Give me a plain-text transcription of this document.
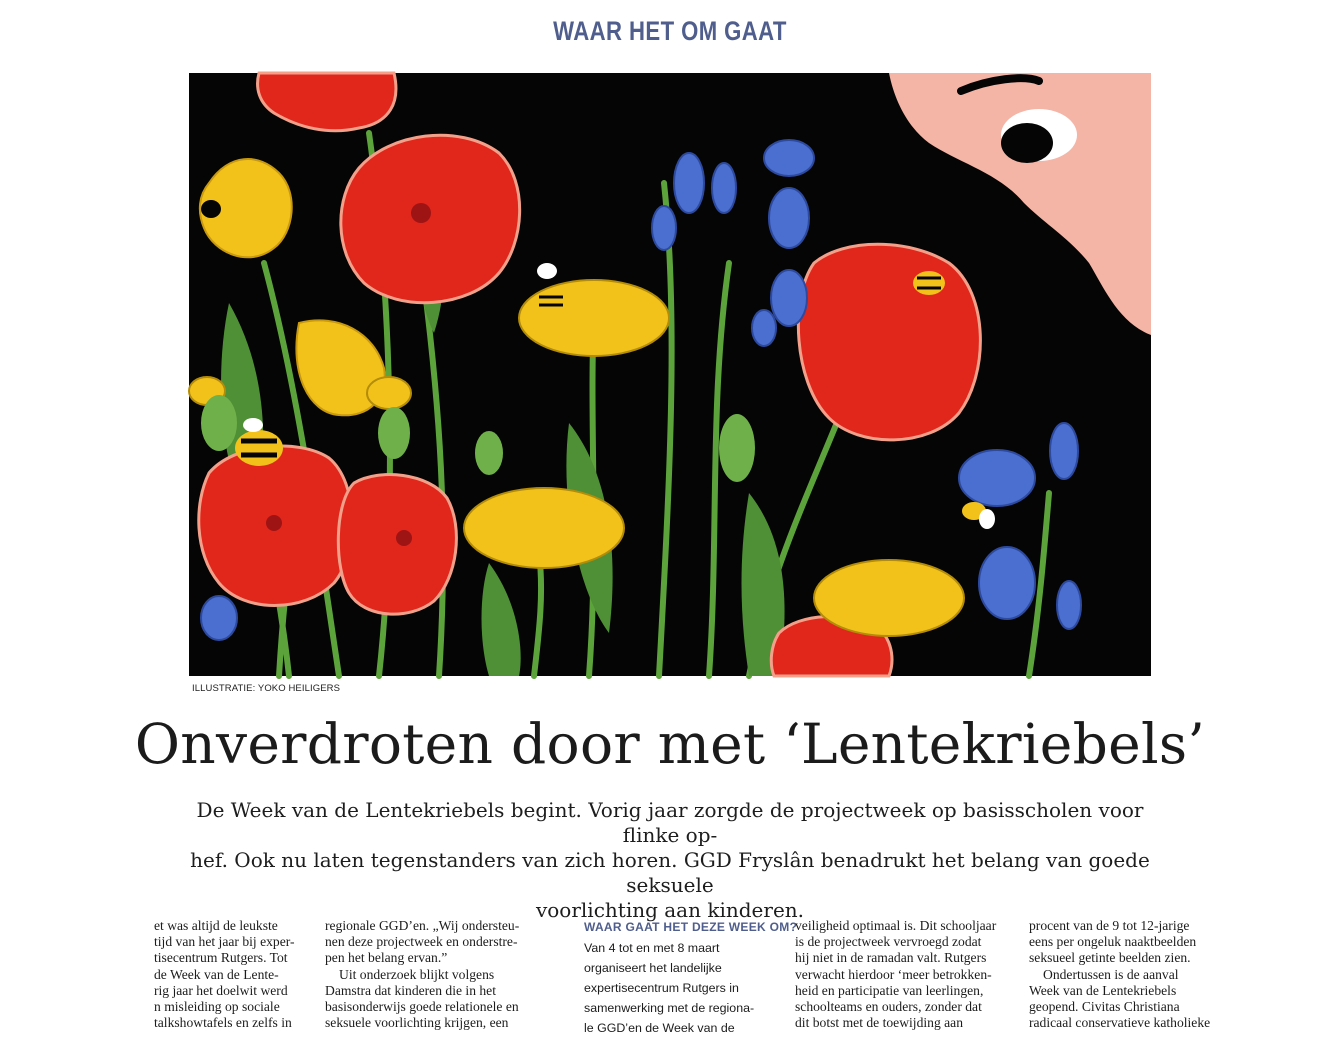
WAAR HET OM GAAT
ILLUSTRATIE: YOKO HEILIGERS
Onverdroten door met ‘Lentekriebels’

De Week van de Lentekriebels begint. Vorig jaar zorgde de projectweek op basisscholen voor flinke op-
hef. Ook nu laten tegenstanders van zich horen. GGD Fryslân benadrukt het belang van goede seksuele
voorlichting aan kinderen.

et was altijd de leukste
tijd van het jaar bij exper-
tisecentrum Rutgers. Tot
de Week van de Lente-
rig jaar het doelwit werd
n misleiding op sociale
talkshowtafels en zelfs in
regionale GGD’en. „Wij ondersteu-
nen deze projectweek en onderstre-
pen het belang ervan.”
Uit onderzoek blijkt volgens
Damstra dat kinderen die in het
basisonderwijs goede relationele en
seksuele voorlichting krijgen, een
WAAR GAAT HET DEZE WEEK OM?
Van 4 tot en met 8 maart
organiseert het landelijke
expertisecentrum Rutgers in
samenwerking met de regiona-
le GGD’en de Week van de
veiligheid optimaal is. Dit schooljaar
is de projectweek vervroegd zodat
hij niet in de ramadan valt. Rutgers
verwacht hierdoor ‘meer betrokken-
heid en participatie van leerlingen,
schoolteams en ouders, zonder dat
dit botst met de toewijding aan
procent van de 9 tot 12-jarige
eens per ongeluk naaktbeelden
seksueel getinte beelden zien.
Ondertussen is de aanval
Week van de Lentekriebels
geopend. Civitas Christiana
radicaal conservatieve katholieke
